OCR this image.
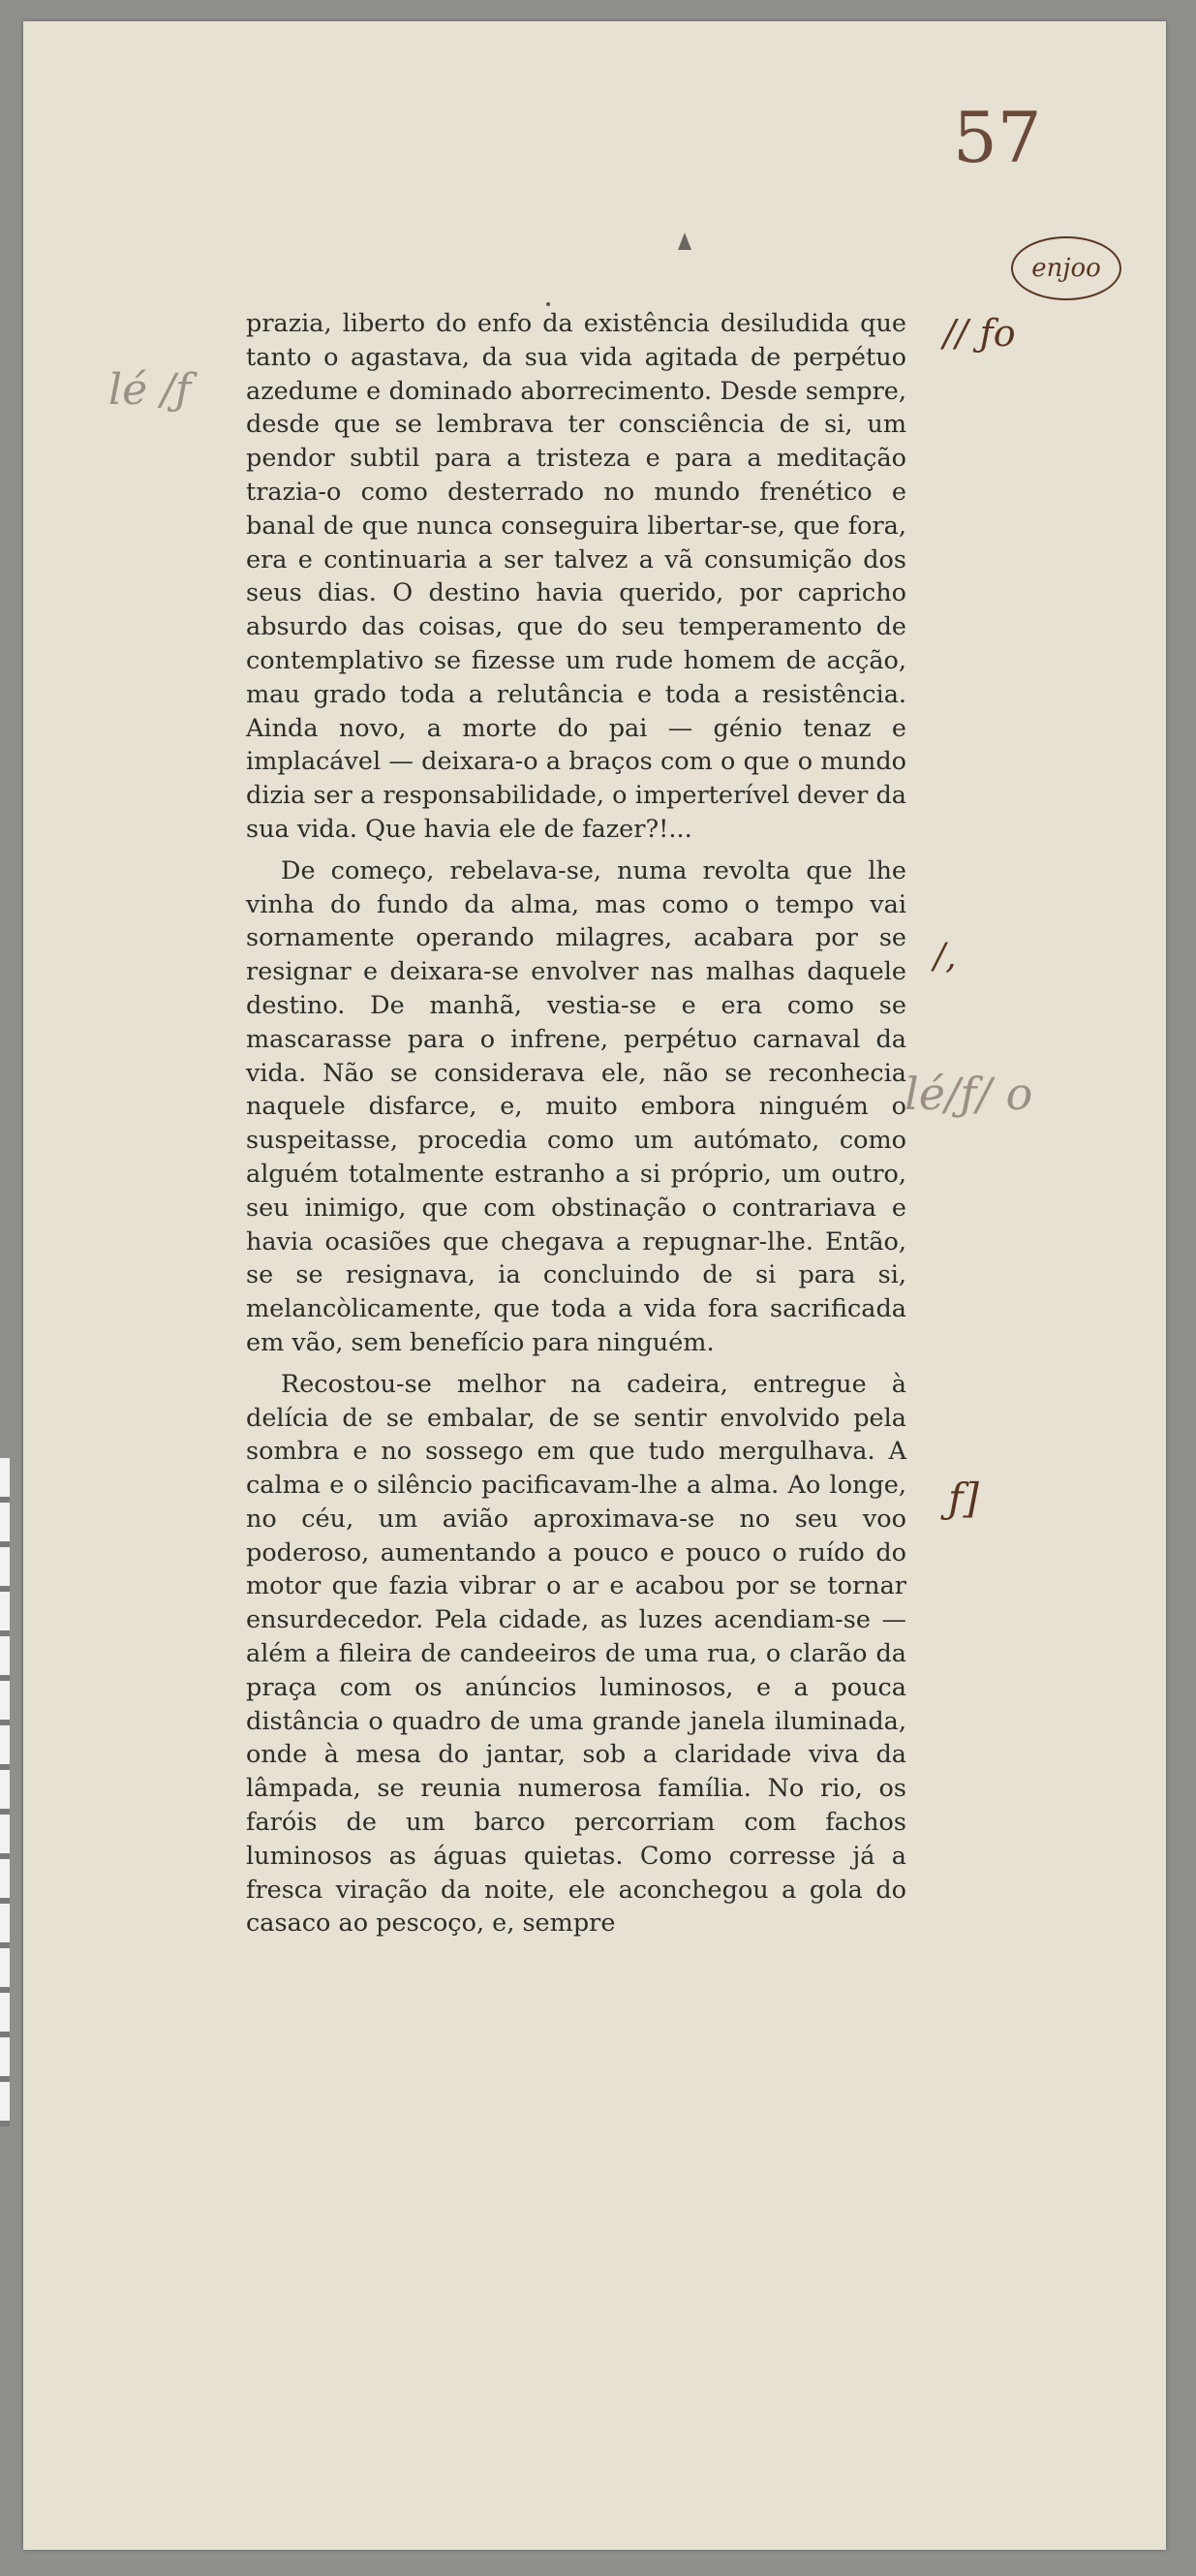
57
enjoo
lé /ƒ
// ƒo
/,
lé/ƒ/ o
ƒ]

prazia, liberto do enfo da existência desiludida que tanto o agastava, da sua vida agitada de perpétuo azedume e dominado aborrecimento. Desde sempre, desde que se lembrava ter consciência de si, um pendor subtil para a tristeza e para a meditação trazia-o como desterrado no mundo frenético e banal de que nunca conseguira libertar-se, que fora, era e continuaria a ser talvez a vã consumição dos seus dias. O destino havia querido, por capricho absurdo das coisas, que do seu temperamento de contemplativo se fizesse um rude homem de acção, mau grado toda a relutância e toda a resistência. Ainda novo, a morte do pai — génio tenaz e implacável — deixara-o a braços com o que o mundo dizia ser a responsabilidade, o imperterível dever da sua vida. Que havia ele de fazer?!...

De começo, rebelava-se, numa revolta que lhe vinha do fundo da alma, mas como o tempo vai sornamente operando milagres, acabara por se resignar e deixara-se envolver nas malhas daquele destino. De manhã, vestia-se e era como se mascarasse para o infrene, perpétuo carnaval da vida. Não se considerava ele, não se reconhecia naquele disfarce, e, muito embora ninguém o suspeitasse, procedia como um autómato, como alguém totalmente estranho a si próprio, um outro, seu inimigo, que com obstinação o contrariava e havia ocasiões que chegava a repugnar-lhe. Então, se se resignava, ia concluindo de si para si, melancòlicamente, que toda a vida fora sacrificada em vão, sem benefício para ninguém.

Recostou-se melhor na cadeira, entregue à delícia de se embalar, de se sentir envolvido pela sombra e no sossego em que tudo mergulhava. A calma e o silêncio pacificavam-lhe a alma. Ao longe, no céu, um avião aproximava-se no seu voo poderoso, aumentando a pouco e pouco o ruído do motor que fazia vibrar o ar e acabou por se tornar ensurdecedor. Pela cidade, as luzes acendiam-se — além a fileira de candeeiros de uma rua, o clarão da praça com os anúncios luminosos, e a pouca distância o quadro de uma grande janela iluminada, onde à mesa do jantar, sob a claridade viva da lâmpada, se reunia numerosa família. No rio, os faróis de um barco percorriam com fachos luminosos as águas quietas. Como corresse já a fresca viração da noite, ele aconchegou a gola do casaco ao pescoço, e, sempre
